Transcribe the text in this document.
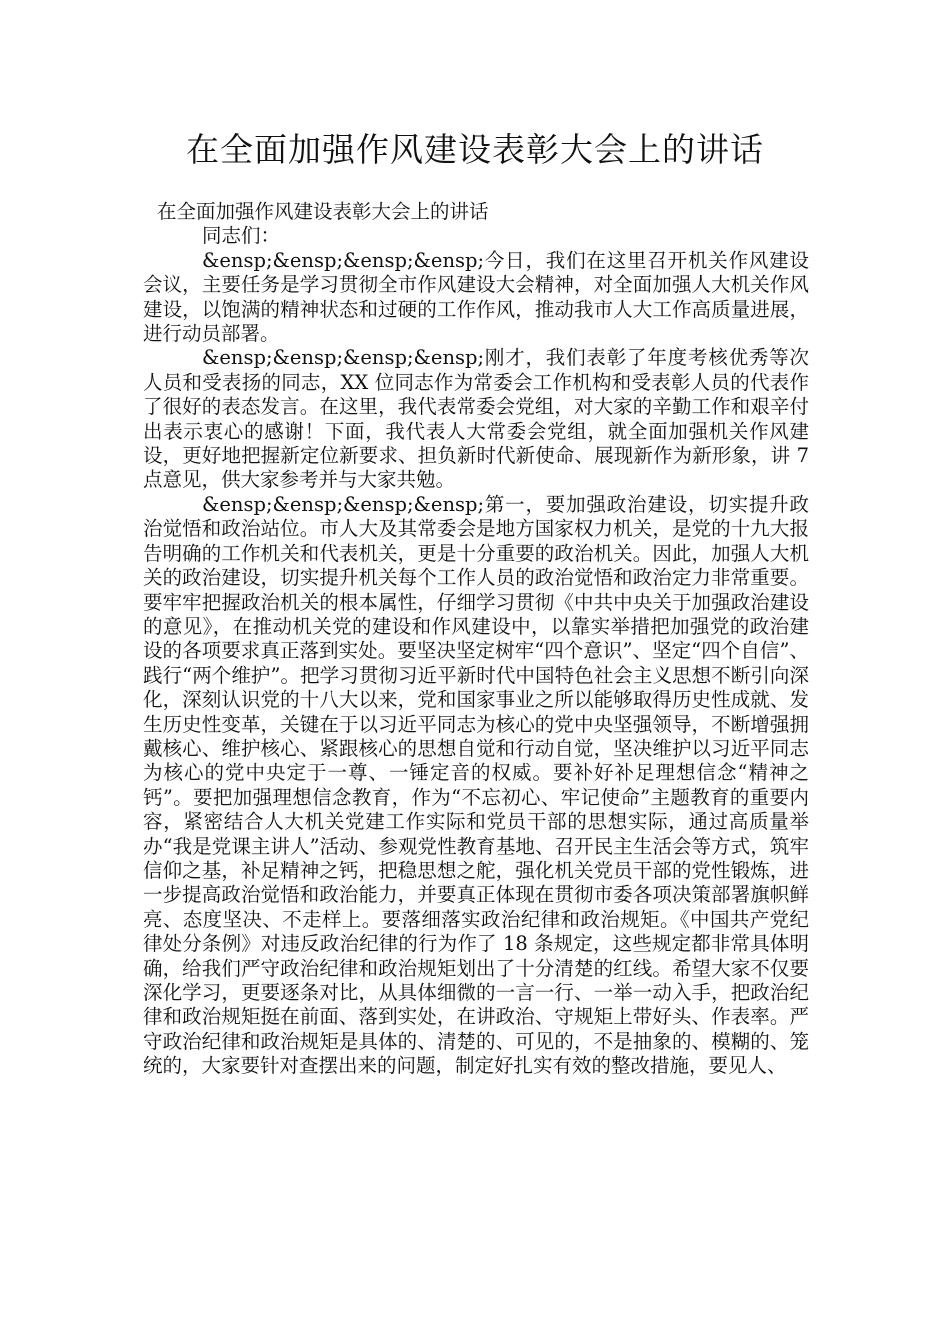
在全面加强作风建设表彰大会上的讲话

在全面加强作风建设表彰大会上的讲话

同志们：

&ensp;&ensp;&ensp;&ensp;今日，我们在这里召开机关作风建设会议，主要任务是学习贯彻全市作风建设大会精神，对全面加强人大机关作风建设，以饱满的精神状态和过硬的工作作风，推动我市人大工作高质量进展，进行动员部署。

&ensp;&ensp;&ensp;&ensp;刚才，我们表彰了年度考核优秀等次人员和受表扬的同志，XX 位同志作为常委会工作机构和受表彰人员的代表作了很好的表态发言。在这里，我代表常委会党组，对大家的辛勤工作和艰辛付出表示衷心的感谢！下面，我代表人大常委会党组，就全面加强机关作风建设，更好地把握新定位新要求、担负新时代新使命、展现新作为新形象，讲 7 点意见，供大家参考并与大家共勉。

&ensp;&ensp;&ensp;&ensp;第一，要加强政治建设，切实提升政治觉悟和政治站位。市人大及其常委会是地方国家权力机关，是党的十九大报告明确的工作机关和代表机关，更是十分重要的政治机关。因此，加强人大机关的政治建设，切实提升机关每个工作人员的政治觉悟和政治定力非常重要。要牢牢把握政治机关的根本属性，仔细学习贯彻《中共中央关于加强政治建设的意见》，在推动机关党的建设和作风建设中，以靠实举措把加强党的政治建设的各项要求真正落到实处。要坚决坚定树牢“四个意识”、坚定“四个自信”、践行“两个维护”。把学习贯彻习近平新时代中国特色社会主义思想不断引向深化，深刻认识党的十八大以来，党和国家事业之所以能够取得历史性成就、发生历史性变革，关键在于以习近平同志为核心的党中央坚强领导，不断增强拥戴核心、维护核心、紧跟核心的思想自觉和行动自觉，坚决维护以习近平同志为核心的党中央定于一尊、一锤定音的权威。要补好补足理想信念“精神之钙”。要把加强理想信念教育，作为“不忘初心、牢记使命”主题教育的重要内容，紧密结合人大机关党建工作实际和党员干部的思想实际，通过高质量举办“我是党课主讲人”活动、参观党性教育基地、召开民主生活会等方式，筑牢信仰之基，补足精神之钙，把稳思想之舵，强化机关党员干部的党性锻炼，进一步提高政治觉悟和政治能力，并要真正体现在贯彻市委各项决策部署旗帜鲜亮、态度坚决、不走样上。要落细落实政治纪律和政治规矩。《中国共产党纪律处分条例》对违反政治纪律的行为作了 18 条规定，这些规定都非常具体明确，给我们严守政治纪律和政治规矩划出了十分清楚的红线。希望大家不仅要深化学习，更要逐条对比，从具体细微的一言一行、一举一动入手，把政治纪律和政治规矩挺在前面、落到实处，在讲政治、守规矩上带好头、作表率。严守政治纪律和政治规矩是具体的、清楚的、可见的，不是抽象的、模糊的、笼统的，大家要针对查摆出来的问题，制定好扎实有效的整改措施，要见人、
